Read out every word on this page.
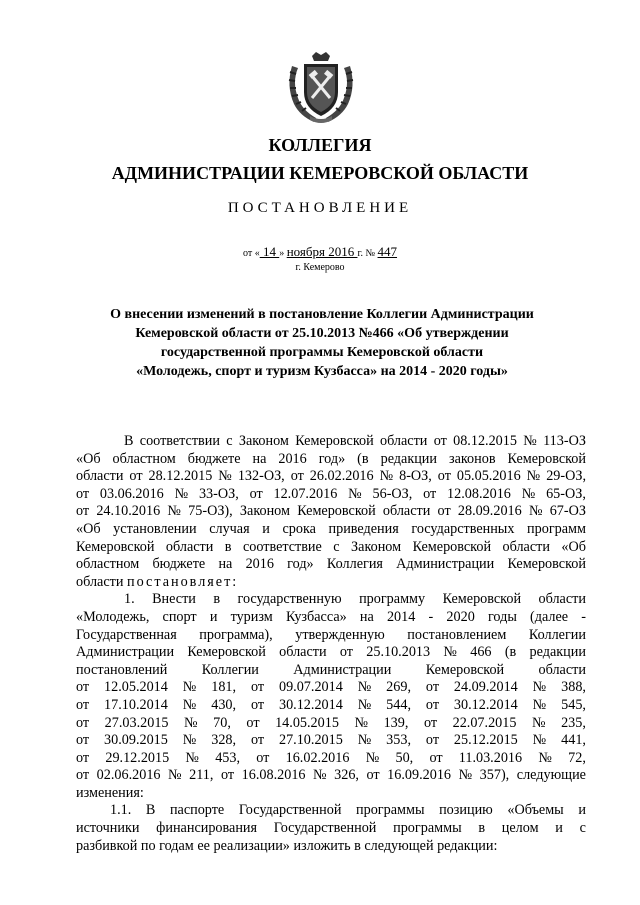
КОЛЛЕГИЯ
АДМИНИСТРАЦИИ КЕМЕРОВСКОЙ ОБЛАСТИ
ПОСТАНОВЛЕНИЕ
от « 14 » ноября 2016 г. № 447
г. Кемерово
О внесении изменений в постановление Коллегии Администрации
Кемеровской области от 25.10.2013 №466 «Об утверждении
государственной программы Кемеровской области
«Молодежь, спорт и туризм Кузбасса» на 2014 - 2020 годы»
В соответствии с Законом Кемеровской области от 08.12.2015 № 113-ОЗ
«Об областном бюджете на 2016 год» (в редакции законов Кемеровской
области от 28.12.2015 № 132-ОЗ, от 26.02.2016 № 8-ОЗ, от 05.05.2016 № 29-ОЗ,
от 03.06.2016 № 33-ОЗ, от 12.07.2016 № 56-ОЗ, от 12.08.2016 № 65-ОЗ,
от 24.10.2016 № 75-ОЗ), Законом Кемеровской области от 28.09.2016 № 67-ОЗ
«Об установлении случая и срока приведения государственных программ
Кемеровской области в соответствие с Законом Кемеровской области «Об
областном бюджете на 2016 год» Коллегия Администрации Кемеровской
области постановляет:
1. Внести в государственную программу Кемеровской области
«Молодежь, спорт и туризм Кузбасса» на 2014 - 2020 годы (далее -
Государственная программа), утвержденную постановлением Коллегии
Администрации Кемеровской области от 25.10.2013 № 466 (в редакции
постановлений Коллегии Администрации Кемеровской области
от 12.05.2014 № 181, от 09.07.2014 № 269, от 24.09.2014 № 388,
от 17.10.2014 № 430, от 30.12.2014 № 544, от 30.12.2014 № 545,
от 27.03.2015 № 70, от 14.05.2015 № 139, от 22.07.2015 № 235,
от 30.09.2015 № 328, от 27.10.2015 № 353, от 25.12.2015 № 441,
от 29.12.2015 № 453, от 16.02.2016 № 50, от 11.03.2016 № 72,
от 02.06.2016 № 211, от 16.08.2016 № 326, от 16.09.2016 № 357), следующие
изменения:
1.1. В паспорте Государственной программы позицию «Объемы и
источники финансирования Государственной программы в целом и с
разбивкой по годам ее реализации» изложить в следующей редакции:
